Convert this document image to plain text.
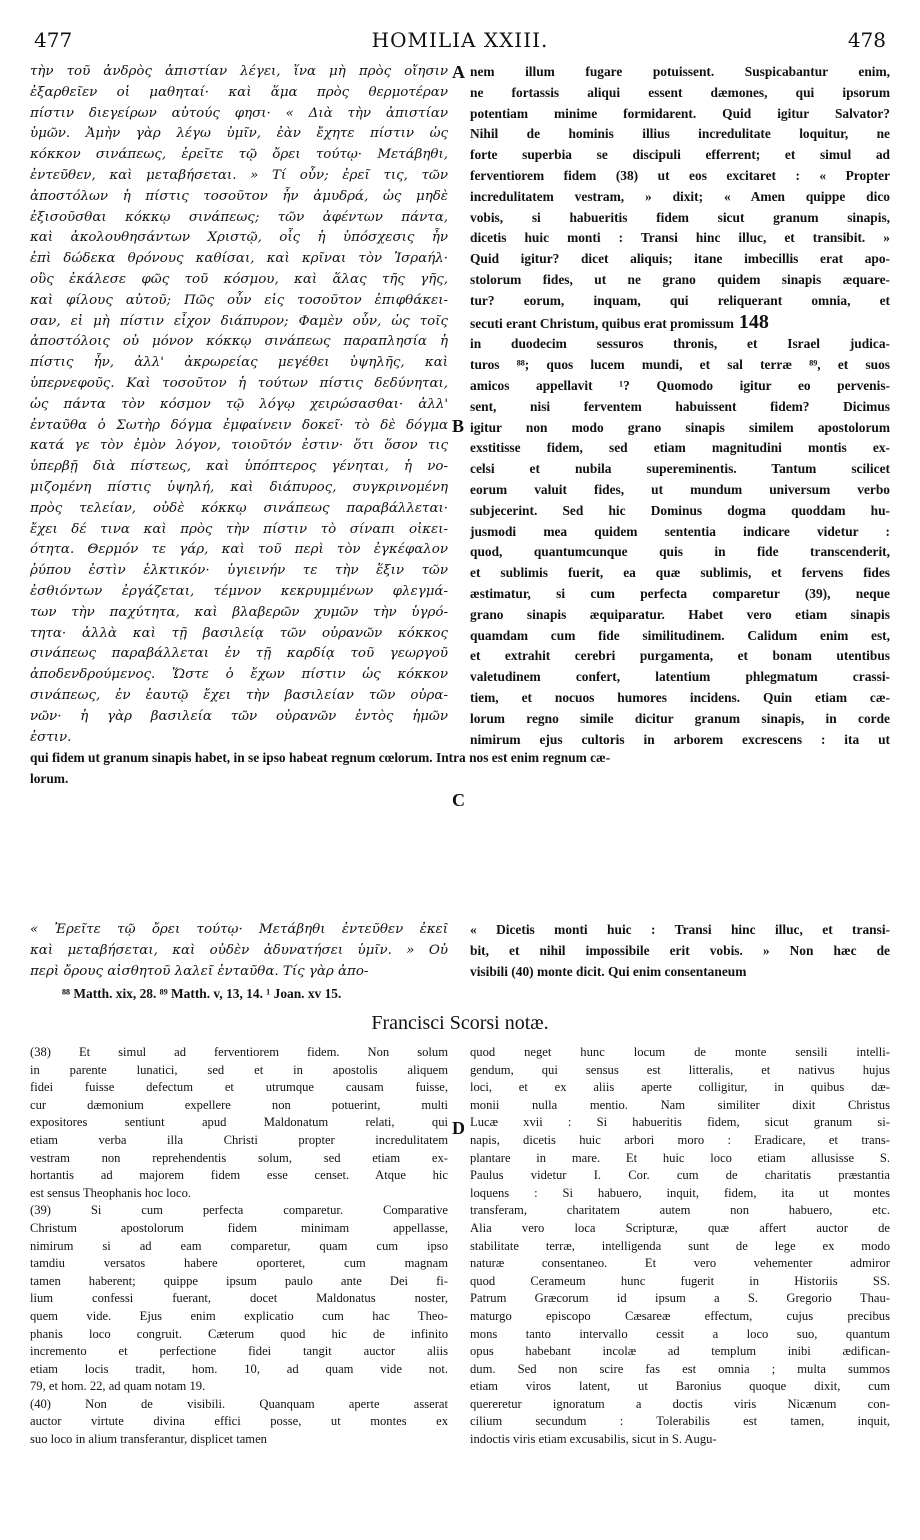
477	HOMILIA XXIII.	478
τὴν τοῦ ἀνδρὸς ἀπιστίαν λέγει, ἵνα μὴ πρὸς οἴησιν
ἐξαρθεῖεν οἱ μαθηταί· καὶ ἅμα πρὸς θερμοτέραν
πίστιν διεγείρων αὐτούς φησι· « Διὰ τὴν ἀπιστίαν
ὑμῶν. Ἀμὴν γὰρ λέγω ὑμῖν, ἐὰν ἔχητε πίστιν ὡς
κόκκον σινάπεως, ἐρεῖτε τῷ ὄρει τούτῳ· Μετάβηθι,
ἐντεῦθεν, καὶ μεταβήσεται. » Τί οὖν; ἐρεῖ τις, τῶν
ἀποστόλων ἡ πίστις τοσοῦτον ἦν ἀμυδρά, ὡς μηδὲ
ἐξισοῦσθαι κόκκῳ σινάπεως; τῶν ἀφέντων πάντα,
καὶ ἀκολουθησάντων Χριστῷ, οἷς ἡ ὑπόσχεσις ἦν
ἐπὶ δώδεκα θρόνους καθίσαι, καὶ κρῖναι τὸν Ἰσραήλ·
οὓς ἐκάλεσε φῶς τοῦ κόσμου, καὶ ἅλας τῆς γῆς,
καὶ φίλους αὐτοῦ; Πῶς οὖν εἰς τοσοῦτον ἐπιφθάκει-
σαν, εἰ μὴ πίστιν εἶχον διάπυρον; Φαμὲν οὖν, ὡς τοῖς
ἀποστόλοις οὐ μόνον κόκκῳ σινάπεως παραπλησία ἡ
πίστις ἦν, ἀλλ' ἀκρωρείας μεγέθει ὑψηλῆς, καὶ
ὑπερνεφοῦς. Καὶ τοσοῦτον ἡ τούτων πίστις δεδύνηται,
ὡς πάντα τὸν κόσμον τῷ λόγῳ χειρώσασθαι· ἀλλ'
ἐνταῦθα ὁ Σωτὴρ δόγμα ἐμφαίνειν δοκεῖ· τὸ δὲ δόγμα
κατά γε τὸν ἐμὸν λόγον, τοιοῦτόν ἐστιν· ὅτι ὅσον τις
ὑπερβῇ διὰ πίστεως, καὶ ὑπόπτερος γένηται, ἡ νο-
μιζομένη πίστις ὑψηλή, καὶ διάπυρος, συγκρινομένη
πρὸς τελείαν, οὐδὲ κόκκῳ σινάπεως παραβάλλεται·
ἔχει δέ τινα καὶ πρὸς τὴν πίστιν τὸ σίναπι οἰκει-
ότητα. Θερμόν τε γάρ, καὶ τοῦ περὶ τὸν ἐγκέφαλον
ῥύπου ἐστὶν ἑλκτικόν· ὑγιεινήν τε τὴν ἕξιν τῶν
ἐσθιόντων ἐργάζεται, τέμνον κεκρυμμένων φλεγμά-
των τὴν παχύτητα, καὶ βλαβερῶν χυμῶν τὴν ὑγρό-
τητα· ἀλλὰ καὶ τῇ βασιλείᾳ τῶν οὐρανῶν κόκκος
σινάπεως παραβάλλεται ἐν τῇ καρδίᾳ τοῦ γεωργοῦ
ἀποδενδρούμενος. Ὥστε ὁ ἔχων πίστιν ὡς κόκκον
σινάπεως, ἐν ἑαυτῷ ἔχει τὴν βασιλείαν τῶν οὐρα-
νῶν· ἡ γὰρ βασιλεία τῶν οὐρανῶν ἐντὸς ἡμῶν
ἐστιν.
nem illum fugare potuissent. Suspicabantur enim,
ne fortassis aliqui essent dæmones, qui ipsorum
potentiam minime formidarent. Quid igitur Salvator?
Nihil de hominis illius incredulitate loquitur, ne
forte superbia se discipuli efferrent; et simul ad
ferventiorem fidem (38) ut eos excitaret : « Propter
incredulitatem vestram, » dixit; « Amen quippe dico
vobis, si habueritis fidem sicut granum sinapis,
dicetis huic monti : Transi hinc illuc, et transibit. »
Quid igitur? dicet aliquis; itane imbecillis erat apo-
stolorum fides, ut ne grano quidem sinapis æquare-
tur? eorum, inquam, qui reliquerant omnia, et
secuti erant Christum, quibus erat promissum 148
in duodecim sessuros thronis, et Israel judica-
turos ⁸⁸; quos lucem mundi, et sal terræ ⁸⁹, et suos
amicos appellavit ¹? Quomodo igitur eo pervenis-
sent, nisi ferventem habuissent fidem? Dicimus
igitur non modo grano sinapis similem apostolorum
exstitisse fidem, sed etiam magnitudini montis ex-
celsi et nubila supereminentis. Tantum scilicet
eorum valuit fides, ut mundum universum verbo
subjecerint. Sed hic Dominus dogma quoddam hu-
jusmodi mea quidem sententia indicare videtur :
quod, quantumcunque quis in fide transcenderit,
et sublimis fuerit, ea quæ sublimis, et fervens fides
æstimatur, si cum perfecta comparetur (39), neque
grano sinapis æquiparatur. Habet vero etiam sinapis
quamdam cum fide similitudinem. Calidum enim est,
et extrahit cerebri purgamenta, et bonam utentibus
valetudinem confert, latentium phlegmatum crassi-
tiem, et nocuos humores incidens. Quin etiam cæ-
lorum regno simile dicitur granum sinapis, in corde
nimirum ejus cultoris in arborem excrescens : ita ut
A
B
C
D
qui fidem ut granum sinapis habet, in se ipso habeat regnum cœlorum. Intra nos est enim regnum cæ-
lorum.
« Ἐρεῖτε τῷ ὄρει τούτῳ· Μετάβηθι ἐντεῦθεν ἐκεῖ
καὶ μεταβήσεται, καὶ οὐδὲν ἀδυνατήσει ὑμῖν. » Οὐ
περὶ ὄρους αἰσθητοῦ λαλεῖ ἐνταῦθα. Τίς γὰρ ἀπο-
« Dicetis monti huic : Transi hinc illuc, et transi-
bit, et nihil impossibile erit vobis. » Non hæc de
visibili (40) monte dicit. Qui enim consentaneum
⁸⁸ Matth. xix, 28. ⁸⁹ Matth. v, 13, 14. ¹ Joan. xv 15.
Francisci Scorsi notæ.
(38) Et simul ad ferventiorem fidem. Non solum
in parente lunatici, sed et in apostolis aliquem
fidei fuisse defectum et utrumque causam fuisse,
cur dæmonium expellere non potuerint, multi
expositores sentiunt apud Maldonatum relati, qui
etiam verba illa Christi propter incredulitatem
vestram non reprehendentis solum, sed etiam ex-
hortantis ad majorem fidem esse censet. Atque hic
est sensus Theophanis hoc loco.
(39) Si cum perfecta comparetur. Comparative
Christum apostolorum fidem minimam appellasse,
nimirum si ad eam comparetur, quam cum ipso
tamdiu versatos habere oporteret, cum magnam
tamen haberent; quippe ipsum paulo ante Dei fi-
lium confessi fuerant, docet Maldonatus noster,
quem vide. Ejus enim explicatio cum hac Theo-
phanis loco congruit. Cæterum quod hic de infinito
incremento et perfectione fidei tangit auctor aliis
etiam locis tradit, hom. 10, ad quam vide not.
79, et hom. 22, ad quam notam 19.
(40) Non de visibili. Quanquam aperte asserat
auctor virtute divina effici posse, ut montes ex
suo loco in alium transferantur, displicet tamen
quod neget hunc locum de monte sensili intelli-
gendum, qui sensus est litteralis, et nativus hujus
loci, et ex aliis aperte colligitur, in quibus dæ-
monii nulla mentio. Nam similiter dixit Christus
Lucæ xvii : Si habueritis fidem, sicut granum si-
napis, dicetis huic arbori moro : Eradicare, et trans-
plantare in mare. Et huic loco etiam allusisse S.
Paulus videtur I. Cor. cum de charitatis præstantia
loquens : Si habuero, inquit, fidem, ita ut montes
transferam, charitatem autem non habuero, etc.
Alia vero loca Scripturæ, quæ affert auctor de
stabilitate terræ, intelligenda sunt de lege ex modo
naturæ consentaneo. Et vero vehementer admiror
quod Cerameum hunc fugerit in Historiis SS.
Patrum Græcorum id ipsum a S. Gregorio Thau-
maturgo episcopo Cæsareæ effectum, cujus precibus
mons tanto intervallo cessit a loco suo, quantum
opus habebant incolæ ad templum inibi ædifican-
dum. Sed non scire fas est omnia ; multa summos
etiam viros latent, ut Baronius quoque dixit, cum
quereretur ignoratum a doctis viris Nicænum con-
cilium secundum : Tolerabilis est tamen, inquit,
indoctis viris etiam excusabilis, sicut in S. Augu-
